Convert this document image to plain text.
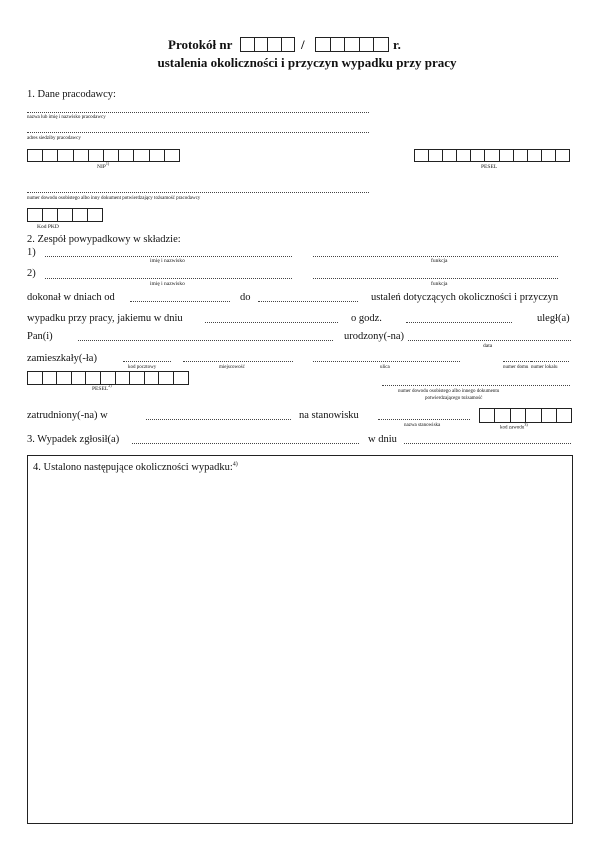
Protokół nr	/	r.
ustalenia okoliczności i przyczyn wypadku przy pracy
1. Dane pracodawcy:
nazwa lub imię i nazwisko pracodawcy
adres siedziby pracodawcy
NIP$^{1)}$
PESEL
numer dowodu osobistego albo inny dokument potwierdzający tożsamość pracodawcy
Kod PKD
2. Zespół powypadkowy w składzie:
1)
imię i nazwisko	funkcja
2)
imię i nazwisko	funkcja
dokonał w dniach od	do	ustaleń dotyczących okoliczności i przyczyn
wypadku przy pracy, jakiemu w dniu	o godz.	uległ(a)
Pan(i)	urodzony(-na)
data
zamieszkały(-ła)
kod pocztowy	miejscowość	ulica	numer domu numer lokalu
PESEL$^{2)}$
numer dowodu osobistego albo innego dokumentu
potwierdzającego tożsamość
zatrudniony(-na) w	na stanowisku
nazwa stanowiska
kod zawodu$^{3)}$
3. Wypadek zgłosił(a)	w dniu
4. Ustalono następujące okoliczności wypadku:$^{4)}$
